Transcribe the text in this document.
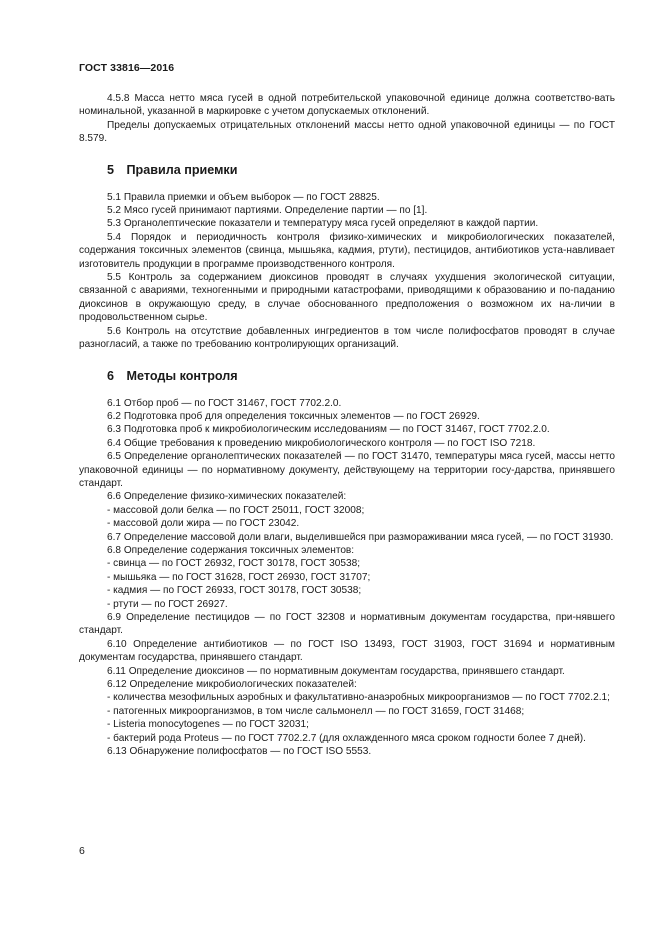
ГОСТ 33816—2016

4.5.8 Масса нетто мяса гусей в одной потребительской упаковочной единице должна соответство-вать номинальной, указанной в маркировке с учетом допускаемых отклонений.

Пределы допускаемых отрицательных отклонений массы нетто одной упаковочной единицы — по ГОСТ 8.579.

5 Правила приемки

5.1 Правила приемки и объем выборок — по ГОСТ 28825.

5.2 Мясо гусей принимают партиями. Определение партии — по [1].

5.3 Органолептические показатели и температуру мяса гусей определяют в каждой партии.

5.4 Порядок и периодичность контроля физико-химических и микробиологических показателей, содержания токсичных элементов (свинца, мышьяка, кадмия, ртути), пестицидов, антибиотиков уста-навливает изготовитель продукции в программе производственного контроля.

5.5 Контроль за содержанием диоксинов проводят в случаях ухудшения экологической ситуации, связанной с авариями, техногенными и природными катастрофами, приводящими к образованию и по-паданию диоксинов в окружающую среду, в случае обоснованного предположения о возможном их на-личии в продовольственном сырье.

5.6 Контроль на отсутствие добавленных ингредиентов в том числе полифосфатов проводят в случае разногласий, а также по требованию контролирующих организаций.

6 Методы контроля

6.1 Отбор проб — по ГОСТ 31467, ГОСТ 7702.2.0.

6.2 Подготовка проб для определения токсичных элементов — по ГОСТ 26929.

6.3 Подготовка проб к микробиологическим исследованиям — по ГОСТ 31467, ГОСТ 7702.2.0.

6.4 Общие требования к проведению микробиологического контроля — по ГОСТ ISO 7218.

6.5 Определение органолептических показателей — по ГОСТ 31470, температуры мяса гусей, массы нетто упаковочной единицы — по нормативному документу, действующему на территории госу-дарства, принявшего стандарт.

6.6 Определение физико-химических показателей:

- массовой доли белка — по ГОСТ 25011, ГОСТ 32008;

- массовой доли жира — по ГОСТ 23042.

6.7 Определение массовой доли влаги, выделившейся при размораживании мяса гусей, — по ГОСТ 31930.

6.8 Определение содержания токсичных элементов:

- свинца — по ГОСТ 26932, ГОСТ 30178, ГОСТ 30538;

- мышьяка — по ГОСТ 31628, ГОСТ 26930, ГОСТ 31707;

- кадмия — по ГОСТ 26933, ГОСТ 30178, ГОСТ 30538;

- ртути — по ГОСТ 26927.

6.9 Определение пестицидов — по ГОСТ 32308 и нормативным документам государства, при-нявшего стандарт.

6.10 Определение антибиотиков — по ГОСТ ISO 13493, ГОСТ 31903, ГОСТ 31694 и нормативным документам государства, принявшего стандарт.

6.11 Определение диоксинов — по нормативным документам государства, принявшего стандарт.

6.12 Определение микробиологических показателей:

- количества мезофильных аэробных и факультативно-анаэробных микроорганизмов — по ГОСТ 7702.2.1;

- патогенных микроорганизмов, в том числе сальмонелл — по ГОСТ 31659, ГОСТ 31468;

- Listeria monocytogenes — по ГОСТ 32031;

- бактерий рода Proteus — по ГОСТ 7702.2.7 (для охлажденного мяса сроком годности более 7 дней).

6.13 Обнаружение полифосфатов — по ГОСТ ISO 5553.

6
